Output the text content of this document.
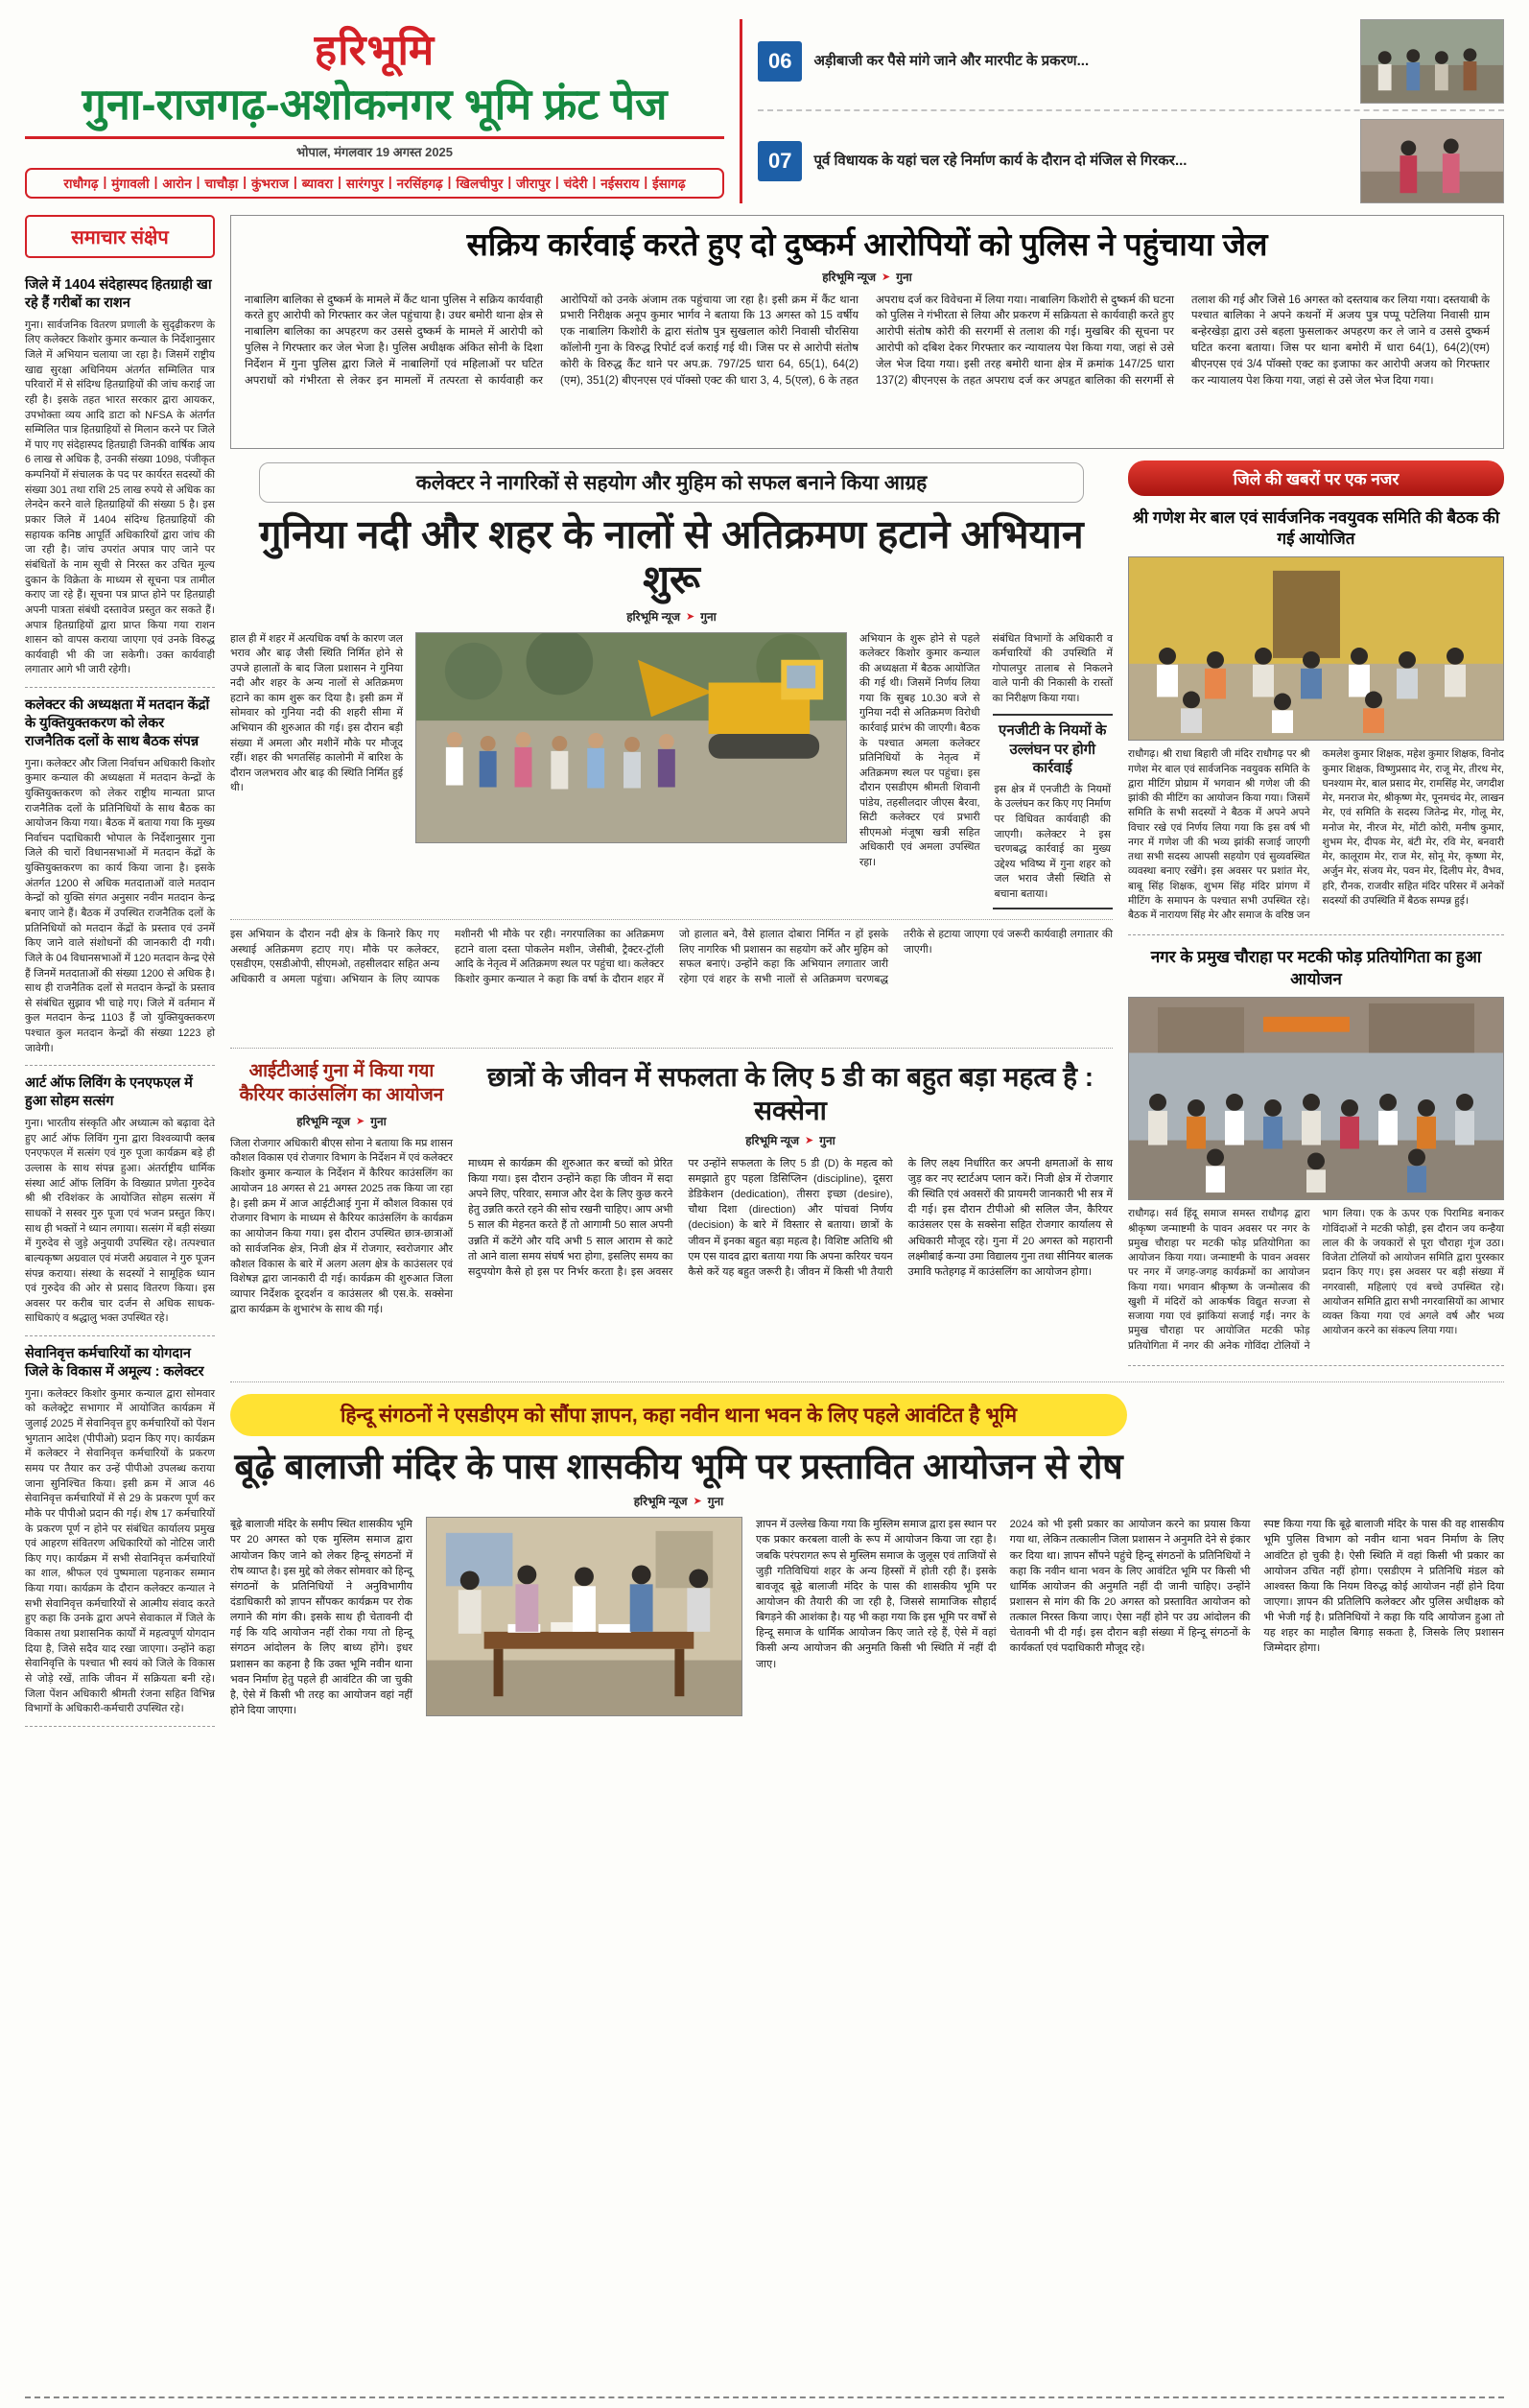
हरिभूमि
गुना-राजगढ़-अशोकनगर भूमि फ्रंट पेज
भोपाल, मंगलवार 19 अगस्त 2025
राधौगढ़ | मुंगावली | आरोन | चाचौड़ा | कुंभराज | ब्यावरा | सारंगपुर | नरसिंहगढ़ | खिलचीपुर | जीरापुर | चंदेरी | नईसराय | ईसागढ़
06	अड़ीबाजी कर पैसे मांगे जाने और मारपीट के प्रकरण...

07	पूर्व विधायक के यहां चल रहे निर्माण कार्य के दौरान दो मंजिल से गिरकर...

समाचार संक्षेप
जिले में 1404 संदेहास्पद हितग्राही खा रहे हैं गरीबों का राशन

गुना। सार्वजनिक वितरण प्रणाली के सुदृढ़ीकरण के लिए कलेक्टर किशोर कुमार कन्याल के निर्देशानुसार जिले में अभियान चलाया जा रहा है। जिसमें राष्ट्रीय खाद्य सुरक्षा अधिनियम अंतर्गत सम्मिलित पात्र परिवारों में से संदिग्ध हितग्राहियों की जांच कराई जा रही है। इसके तहत भारत सरकार द्वारा आयकर, उपभोक्ता व्यय आदि डाटा को NFSA के अंतर्गत सम्मिलित पात्र हितग्राहियों से मिलान करने पर जिले में पाए गए संदेहास्पद हितग्राही जिनकी वार्षिक आय 6 लाख से अधिक है, उनकी संख्या 1098, पंजीकृत कम्पनियों में संचालक के पद पर कार्यरत सदस्यों की संख्या 301 तथा राशि 25 लाख रुपये से अधिक का लेनदेन करने वाले हितग्राहियों की संख्या 5 है। इस प्रकार जिले में 1404 संदिग्ध हितग्राहियों की सहायक कनिष्ठ आपूर्ति अधिकारियों द्वारा जांच की जा रही है। जांच उपरांत अपात्र पाए जाने पर संबंधितों के नाम सूची से निरस्त कर उचित मूल्य दुकान के विक्रेता के माध्यम से सूचना पत्र तामील कराए जा रहे हैं। सूचना पत्र प्राप्त होने पर हितग्राही अपनी पात्रता संबंधी दस्तावेज प्रस्तुत कर सकते हैं। अपात्र हितग्राहियों द्वारा प्राप्त किया गया राशन शासन को वापस कराया जाएगा एवं उनके विरुद्ध कार्यवाही भी की जा सकेगी। उक्त कार्यवाही लगातार आगे भी जारी रहेगी।

कलेक्टर की अध्यक्षता में मतदान केंद्रों के युक्तियुक्तकरण को लेकर राजनैतिक दलों के साथ बैठक संपन्न

गुना। कलेक्टर और जिला निर्वाचन अधिकारी किशोर कुमार कन्याल की अध्यक्षता में मतदान केन्द्रों के युक्तियुक्तकरण को लेकर राष्ट्रीय मान्यता प्राप्त राजनैतिक दलों के प्रतिनिधियों के साथ बैठक का आयोजन किया गया। बैठक में बताया गया कि मुख्य निर्वाचन पदाधिकारी भोपाल के निर्देशानुसार गुना जिले की चारों विधानसभाओं में मतदान केंद्रों के युक्तियुक्तकरण का कार्य किया जाना है। इसके अंतर्गत 1200 से अधिक मतदाताओं वाले मतदान केन्द्रों को युक्ति संगत अनुसार नवीन मतदान केन्द्र बनाए जाने हैं। बैठक में उपस्थित राजनैतिक दलों के प्रतिनिधियों को मतदान केंद्रों के प्रस्ताव एवं उनमें किए जाने वाले संशोधनों की जानकारी दी गयी। जिले के 04 विधानसभाओं में 120 मतदान केन्द्र ऐसे हैं जिनमें मतदाताओं की संख्या 1200 से अधिक है। साथ ही राजनैतिक दलों से मतदान केन्द्रों के प्रस्ताव से संबंधित सुझाव भी चाहे गए। जिले में वर्तमान में कुल मतदान केन्द्र 1103 हैं जो युक्तियुक्तकरण पश्चात कुल मतदान केन्द्रों की संख्या 1223 हो जावेगी।

आर्ट ऑफ लिविंग के एनएफएल में हुआ सोहम सत्संग

गुना। भारतीय संस्कृति और अध्यात्म को बढ़ावा देते हुए आर्ट ऑफ लिविंग गुना द्वारा विश्वव्यापी क्लब एनएफएल में सत्संग एवं गुरु पूजा कार्यक्रम बड़े ही उल्लास के साथ संपन्न हुआ। अंतर्राष्ट्रीय धार्मिक संस्था आर्ट ऑफ लिविंग के विख्यात प्रणेता गुरुदेव श्री श्री रविशंकर के आयोजित सोहम सत्संग में साधकों ने सस्वर गुरु पूजा एवं भजन प्रस्तुत किए। साथ ही भक्तों ने ध्यान लगाया। सत्संग में बड़ी संख्या में गुरुदेव से जुड़े अनुयायी उपस्थित रहे। तत्पश्चात बाल्यकृष्ण अग्रवाल एवं मंजरी अग्रवाल ने गुरु पूजन संपन्न कराया। संस्था के सदस्यों ने सामूहिक ध्यान एवं गुरुदेव की ओर से प्रसाद वितरण किया। इस अवसर पर करीब चार दर्जन से अधिक साधक-साधिकाएं व श्रद्धालु भक्त उपस्थित रहे।

सेवानिवृत्त कर्मचारियों का योगदान जिले के विकास में अमूल्य : कलेक्टर

गुना। कलेक्टर किशोर कुमार कन्याल द्वारा सोमवार को कलेक्ट्रेट सभागार में आयोजित कार्यक्रम में जुलाई 2025 में सेवानिवृत्त हुए कर्मचारियों को पेंशन भुगतान आदेश (पीपीओ) प्रदान किए गए। कार्यक्रम में कलेक्टर ने सेवानिवृत्त कर्मचारियों के प्रकरण समय पर तैयार कर उन्हें पीपीओ उपलब्ध कराया जाना सुनिश्चित किया। इसी क्रम में आज 46 सेवानिवृत्त कर्मचारियों में से 29 के प्रकरण पूर्ण कर मौके पर पीपीओ प्रदान की गई। शेष 17 कर्मचारियों के प्रकरण पूर्ण न होने पर संबंधित कार्यालय प्रमुख एवं आहरण संवितरण अधिकारियों को नोटिस जारी किए गए। कार्यक्रम में सभी सेवानिवृत्त कर्मचारियों का शाल, श्रीफल एवं पुष्पमाला पहनाकर सम्मान किया गया। कार्यक्रम के दौरान कलेक्टर कन्याल ने सभी सेवानिवृत्त कर्मचारियों से आत्मीय संवाद करते हुए कहा कि उनके द्वारा अपने सेवाकाल में जिले के विकास तथा प्रशासनिक कार्यों में महत्वपूर्ण योगदान दिया है, जिसे सदैव याद रखा जाएगा। उन्होंने कहा सेवानिवृत्ति के पश्चात भी स्वयं को जिले के विकास से जोड़े रखें, ताकि जीवन में सक्रियता बनी रहे। जिला पेंशन अधिकारी श्रीमती रंजना सहित विभिन्न विभागों के अधिकारी-कर्मचारी उपस्थित रहे।

सक्रिय कार्रवाई करते हुए दो दुष्कर्म आरोपियों को पुलिस ने पहुंचाया जेल
हरिभूमि न्यूज ➤ गुना
नाबालिग बालिका से दुष्कर्म के मामले में कैंट थाना पुलिस ने सक्रिय कार्यवाही करते हुए आरोपी को गिरफ्तार कर जेल पहुंचाया है। उधर बमोरी थाना क्षेत्र से नाबालिग बालिका का अपहरण कर उससे दुष्कर्म के मामले में आरोपी को पुलिस ने गिरफ्तार कर जेल भेजा है। पुलिस अधीक्षक अंकित सोनी के दिशा निर्देशन में गुना पुलिस द्वारा जिले में नाबालिगों एवं महिलाओं पर घटित अपराधों को गंभीरता से लेकर इन मामलों में तत्परता से कार्यवाही कर आरोपियों को उनके अंजाम तक पहुंचाया जा रहा है। इसी क्रम में कैंट थाना प्रभारी निरीक्षक अनूप कुमार भार्गव ने बताया कि 13 अगस्त को 15 वर्षीय एक नाबालिग किशोरी के द्वारा संतोष पुत्र सुखलाल कोरी निवासी चौरसिया कॉलोनी गुना के विरुद्ध रिपोर्ट दर्ज कराई गई थी। जिस पर से आरोपी संतोष कोरी के विरुद्ध कैंट थाने पर अप.क्र. 797/25 धारा 64, 65(1), 64(2)(एम), 351(2) बीएनएस एवं पॉक्सो एक्ट की धारा 3, 4, 5(एल), 6 के तहत अपराध दर्ज कर विवेचना में लिया गया। नाबालिग किशोरी से दुष्कर्म की घटना को पुलिस ने गंभीरता से लिया और प्रकरण में सक्रियता से कार्यवाही करते हुए आरोपी संतोष कोरी की सरगर्मी से तलाश की गई। मुखबिर की सूचना पर आरोपी को दबिश देकर गिरफ्तार कर न्यायालय पेश किया गया, जहां से उसे जेल भेज दिया गया। इसी तरह बमोरी थाना क्षेत्र में क्रमांक 147/25 धारा 137(2) बीएनएस के तहत अपराध दर्ज कर अपहृत बालिका की सरगर्मी से तलाश की गई और जिसे 16 अगस्त को दस्तयाब कर लिया गया। दस्तयाबी के पश्चात बालिका ने अपने कथनों में अजय पुत्र पप्पू पटेलिया निवासी ग्राम बन्हेरखेड़ा द्वारा उसे बहला फुसलाकर अपहरण कर ले जाने व उससे दुष्कर्म घटित करना बताया। जिस पर थाना बमोरी में धारा 64(1), 64(2)(एम) बीएनएस एवं 3/4 पॉक्सो एक्ट का इजाफा कर आरोपी अजय को गिरफ्तार कर न्यायालय पेश किया गया, जहां से उसे जेल भेज दिया गया।
कलेक्टर ने नागरिकों से सहयोग और मुहिम को सफल बनाने किया आग्रह
गुनिया नदी और शहर के नालों से अतिक्रमण हटाने अभियान शुरू
हरिभूमि न्यूज ➤ गुना
हाल ही में शहर में अत्यधिक वर्षा के कारण जल भराव और बाढ़ जैसी स्थिति निर्मित होने से उपजे हालातों के बाद जिला प्रशासन ने गुनिया नदी और शहर के अन्य नालों से अतिक्रमण हटाने का काम शुरू कर दिया है। इसी क्रम में सोमवार को गुनिया नदी की शहरी सीमा में अभियान की शुरुआत की गई। इस दौरान बड़ी संख्या में अमला और मशीनें मौके पर मौजूद रहीं। शहर की भगतसिंह कालोनी में बारिश के दौरान जलभराव और बाढ़ की स्थिति निर्मित हुई थी।
अभियान के शुरू होने से पहले कलेक्टर किशोर कुमार कन्याल की अध्यक्षता में बैठक आयोजित की गई थी। जिसमें निर्णय लिया गया कि सुबह 10.30 बजे से गुनिया नदी से अतिक्रमण विरोधी कार्रवाई प्रारंभ की जाएगी। बैठक के पश्चात अमला कलेक्टर प्रतिनिधियों के नेतृत्व में अतिक्रमण स्थल पर पहुंचा। इस दौरान एसडीएम श्रीमती शिवानी पांडेय, तहसीलदार जीएस बैरवा, सिटी कलेक्टर एवं प्रभारी सीएमओ मंजूषा खत्री सहित अधिकारी एवं अमला उपस्थित रहा।
संबंधित विभागों के अधिकारी व कर्मचारियों की उपस्थिति में गोपालपुर तालाब से निकलने वाले पानी की निकासी के रास्तों का निरीक्षण किया गया।
एनजीटी के नियमों के उल्लंघन पर होगी कार्रवाई
इस क्षेत्र में एनजीटी के नियमों के उल्लंघन कर किए गए निर्माण पर विधिवत कार्यवाही की जाएगी। कलेक्टर ने इस चरणबद्ध कार्रवाई का मुख्य उद्देश्य भविष्य में गुना शहर को जल भराव जैसी स्थिति से बचाना बताया।
इस अभियान के दौरान नदी क्षेत्र के किनारे किए गए अस्थाई अतिक्रमण हटाए गए। मौके पर कलेक्टर, एसडीएम, एसडीओपी, सीएमओ, तहसीलदार सहित अन्य अधिकारी व अमला पहुंचा। अभियान के लिए व्यापक मशीनरी भी मौके पर रही। नगरपालिका का अतिक्रमण हटाने वाला दस्ता पोकलेन मशीन, जेसीबी, ट्रैक्टर-ट्रॉली आदि के नेतृत्व में अतिक्रमण स्थल पर पहुंचा था। कलेक्टर किशोर कुमार कन्याल ने कहा कि वर्षा के दौरान शहर में जो हालात बने, वैसे हालात दोबारा निर्मित न हों इसके लिए नागरिक भी प्रशासन का सहयोग करें और मुहिम को सफल बनाएं। उन्होंने कहा कि अभियान लगातार जारी रहेगा एवं शहर के सभी नालों से अतिक्रमण चरणबद्ध तरीके से हटाया जाएगा एवं जरूरी कार्यवाही लगातार की जाएगी।
आईटीआई गुना में किया गया कैरियर काउंसलिंग का आयोजन
हरिभूमि न्यूज ➤ गुना

जिला रोजगार अधिकारी बीएस सोना ने बताया कि मप्र शासन कौशल विकास एवं रोजगार विभाग के निर्देशन में एवं कलेक्टर किशोर कुमार कन्याल के निर्देशन में कैरियर काउंसलिंग का आयोजन 18 अगस्त से 21 अगस्त 2025 तक किया जा रहा है। इसी क्रम में आज आईटीआई गुना में कौशल विकास एवं रोजगार विभाग के माध्यम से कैरियर काउंसलिंग के कार्यक्रम का आयोजन किया गया। इस दौरान उपस्थित छात्र-छात्राओं को सार्वजनिक क्षेत्र, निजी क्षेत्र में रोजगार, स्वरोजगार और कौशल विकास के बारे में अलग अलग क्षेत्र के काउंसलर एवं विशेषज्ञ द्वारा जानकारी दी गई। कार्यक्रम की शुरुआत जिला व्यापार निर्देशक दूरदर्शन व काउंसलर श्री एस.के. सक्सेना द्वारा कार्यक्रम के शुभारंभ के साथ की गई।

छात्रों के जीवन में सफलता के लिए 5 डी का बहुत बड़ा महत्व है : सक्सेना
हरिभूमि न्यूज ➤ गुना
माध्यम से कार्यक्रम की शुरुआत कर बच्चों को प्रेरित किया गया। इस दौरान उन्होंने कहा कि जीवन में सदा अपने लिए, परिवार, समाज और देश के लिए कुछ करने हेतु उन्नति करते रहने की सोच रखनी चाहिए। आप अभी 5 साल की मेहनत करते हैं तो आगामी 50 साल अपनी उन्नति में कटेंगे और यदि अभी 5 साल आराम से काटे तो आने वाला समय संघर्ष भरा होगा, इसलिए समय का सदुपयोग कैसे हो इस पर निर्भर करता है। इस अवसर पर उन्होंने सफलता के लिए 5 डी (D) के महत्व को समझाते हुए पहला डिसिप्लिन (discipline), दूसरा डेडिकेशन (dedication), तीसरा इच्छा (desire), चौथा दिशा (direction) और पांचवां निर्णय (decision) के बारे में विस्तार से बताया। छात्रों के जीवन में इनका बहुत बड़ा महत्व है। विशिष्ट अतिथि श्री एम एस यादव द्वारा बताया गया कि अपना करियर चयन कैसे करें यह बहुत जरूरी है। जीवन में किसी भी तैयारी के लिए लक्ष्य निर्धारित कर अपनी क्षमताओं के साथ जुड़ कर नए स्टार्टअप प्लान करें। निजी क्षेत्र में रोजगार की स्थिति एवं अवसरों की प्रायमरी जानकारी भी सत्र में दी गई। इस दौरान टीपीओ श्री सलिल जैन, कैरियर काउंसलर एस के सक्सेना सहित रोजगार कार्यालय से अधिकारी मौजूद रहे। गुना में 20 अगस्त को महारानी लक्ष्मीबाई कन्या उमा विद्यालय गुना तथा सीनियर बालक उमावि फतेहगढ़ में काउंसलिंग का आयोजन होगा।
जिले की खबरों पर एक नजर
श्री गणेश मेर बाल एवं सार्वजनिक नवयुवक समिति की बैठक की गई आयोजित
राधौगढ़। श्री राधा बिहारी जी मंदिर राधौगढ़ पर श्री गणेश मेर बाल एवं सार्वजनिक नवयुवक समिति के द्वारा मीटिंग प्रोग्राम में भगवान श्री गणेश जी की झांकी की मीटिंग का आयोजन किया गया। जिसमें समिति के सभी सदस्यों ने बैठक में अपने अपने विचार रखे एवं निर्णय लिया गया कि इस वर्ष भी नगर में गणेश जी की भव्य झांकी सजाई जाएगी तथा सभी सदस्य आपसी सहयोग एवं सुव्यवस्थित व्यवस्था बनाए रखेंगे। इस अवसर पर प्रशांत मेर, बाबू सिंह शिक्षक, शुभम सिंह मंदिर प्रांगण में मीटिंग के समापन के पश्चात सभी उपस्थित रहे। बैठक में नारायण सिंह मेर और समाज के वरिष्ठ जन कमलेश कुमार शिक्षक, महेश कुमार शिक्षक, विनोद कुमार शिक्षक, विष्णुप्रसाद मेर, राजू मेर, तीरथ मेर, घनश्याम मेर, बाल प्रसाद मेर, रामसिंह मेर, जगदीश मेर, मनराज मेर, श्रीकृष्ण मेर, पूनमचंद मेर, लाखन मेर, एवं समिति के सदस्य जितेन्द्र मेर, गोलू मेर, मनोज मेर, नीरज मेर, मोंटी कोरी, मनीष कुमार, शुभम मेर, दीपक मेर, बंटी मेर, रवि मेर, बनवारी मेर, कालूराम मेर, राज मेर, सोनू मेर, कृष्णा मेर, अर्जुन मेर, संजय मेर, पवन मेर, दिलीप मेर, वैभव, हरि, रौनक, राजवीर सहित मंदिर परिसर में अनेकों सदस्यों की उपस्थिति में बैठक सम्पन्न हुई।
नगर के प्रमुख चौराहा पर मटकी फोड़ प्रतियोगिता का हुआ आयोजन
राधौगढ़। सर्व हिंदू समाज समस्त राधौगढ़ द्वारा श्रीकृष्ण जन्माष्टमी के पावन अवसर पर नगर के प्रमुख चौराहा पर मटकी फोड़ प्रतियोगिता का आयोजन किया गया। जन्माष्टमी के पावन अवसर पर नगर में जगह-जगह कार्यक्रमों का आयोजन किया गया। भगवान श्रीकृष्ण के जन्मोत्सव की खुशी में मंदिरों को आकर्षक विद्युत सज्जा से सजाया गया एवं झांकियां सजाई गईं। नगर के प्रमुख चौराहा पर आयोजित मटकी फोड़ प्रतियोगिता में नगर की अनेक गोविंदा टोलियों ने भाग लिया। एक के ऊपर एक पिरामिड बनाकर गोविंदाओं ने मटकी फोड़ी, इस दौरान जय कन्हैया लाल की के जयकारों से पूरा चौराहा गूंज उठा। विजेता टोलियों को आयोजन समिति द्वारा पुरस्कार प्रदान किए गए। इस अवसर पर बड़ी संख्या में नगरवासी, महिलाएं एवं बच्चे उपस्थित रहे। आयोजन समिति द्वारा सभी नगरवासियों का आभार व्यक्त किया गया एवं अगले वर्ष और भव्य आयोजन करने का संकल्प लिया गया।
हिन्दू संगठनों ने एसडीएम को सौंपा ज्ञापन, कहा नवीन थाना भवन के लिए पहले आवंटित है भूमि
बूढ़े बालाजी मंदिर के पास शासकीय भूमि पर प्रस्तावित आयोजन से रोष
हरिभूमि न्यूज ➤ गुना
बूढ़े बालाजी मंदिर के समीप स्थित शासकीय भूमि पर 20 अगस्त को एक मुस्लिम समाज द्वारा आयोजन किए जाने को लेकर हिन्दू संगठनों में रोष व्याप्त है। इस मुद्दे को लेकर सोमवार को हिन्दू संगठनों के प्रतिनिधियों ने अनुविभागीय दंडाधिकारी को ज्ञापन सौंपकर कार्यक्रम पर रोक लगाने की मांग की। इसके साथ ही चेतावनी दी गई कि यदि आयोजन नहीं रोका गया तो हिन्दू संगठन आंदोलन के लिए बाध्य होंगे। इधर प्रशासन का कहना है कि उक्त भूमि नवीन थाना भवन निर्माण हेतु पहले ही आवंटित की जा चुकी है, ऐसे में किसी भी तरह का आयोजन वहां नहीं होने दिया जाएगा।
ज्ञापन में उल्लेख किया गया कि मुस्लिम समाज द्वारा इस स्थान पर एक प्रकार करबला वाली के रूप में आयोजन किया जा रहा है। जबकि परंपरागत रूप से मुस्लिम समाज के जुलूस एवं ताजियों से जुड़ी गतिविधियां शहर के अन्य हिस्सों में होती रही हैं। इसके बावजूद बूढ़े बालाजी मंदिर के पास की शासकीय भूमि पर आयोजन की तैयारी की जा रही है, जिससे सामाजिक सौहार्द बिगड़ने की आशंका है। यह भी कहा गया कि इस भूमि पर वर्षों से हिन्दू समाज के धार्मिक आयोजन किए जाते रहे हैं, ऐसे में वहां किसी अन्य आयोजन की अनुमति किसी भी स्थिति में नहीं दी जाए।
2024 को भी इसी प्रकार का आयोजन करने का प्रयास किया गया था, लेकिन तत्कालीन जिला प्रशासन ने अनुमति देने से इंकार कर दिया था। ज्ञापन सौंपने पहुंचे हिन्दू संगठनों के प्रतिनिधियों ने कहा कि नवीन थाना भवन के लिए आवंटित भूमि पर किसी भी धार्मिक आयोजन की अनुमति नहीं दी जानी चाहिए। उन्होंने प्रशासन से मांग की कि 20 अगस्त को प्रस्तावित आयोजन को तत्काल निरस्त किया जाए। ऐसा नहीं होने पर उग्र आंदोलन की चेतावनी भी दी गई। इस दौरान बड़ी संख्या में हिन्दू संगठनों के कार्यकर्ता एवं पदाधिकारी मौजूद रहे।
स्पष्ट किया गया कि बूढ़े बालाजी मंदिर के पास की वह शासकीय भूमि पुलिस विभाग को नवीन थाना भवन निर्माण के लिए आवंटित हो चुकी है। ऐसी स्थिति में वहां किसी भी प्रकार का आयोजन उचित नहीं होगा। एसडीएम ने प्रतिनिधि मंडल को आश्वस्त किया कि नियम विरुद्ध कोई आयोजन नहीं होने दिया जाएगा। ज्ञापन की प्रतिलिपि कलेक्टर और पुलिस अधीक्षक को भी भेजी गई है। प्रतिनिधियों ने कहा कि यदि आयोजन हुआ तो यह शहर का माहौल बिगाड़ सकता है, जिसके लिए प्रशासन जिम्मेदार होगा।
